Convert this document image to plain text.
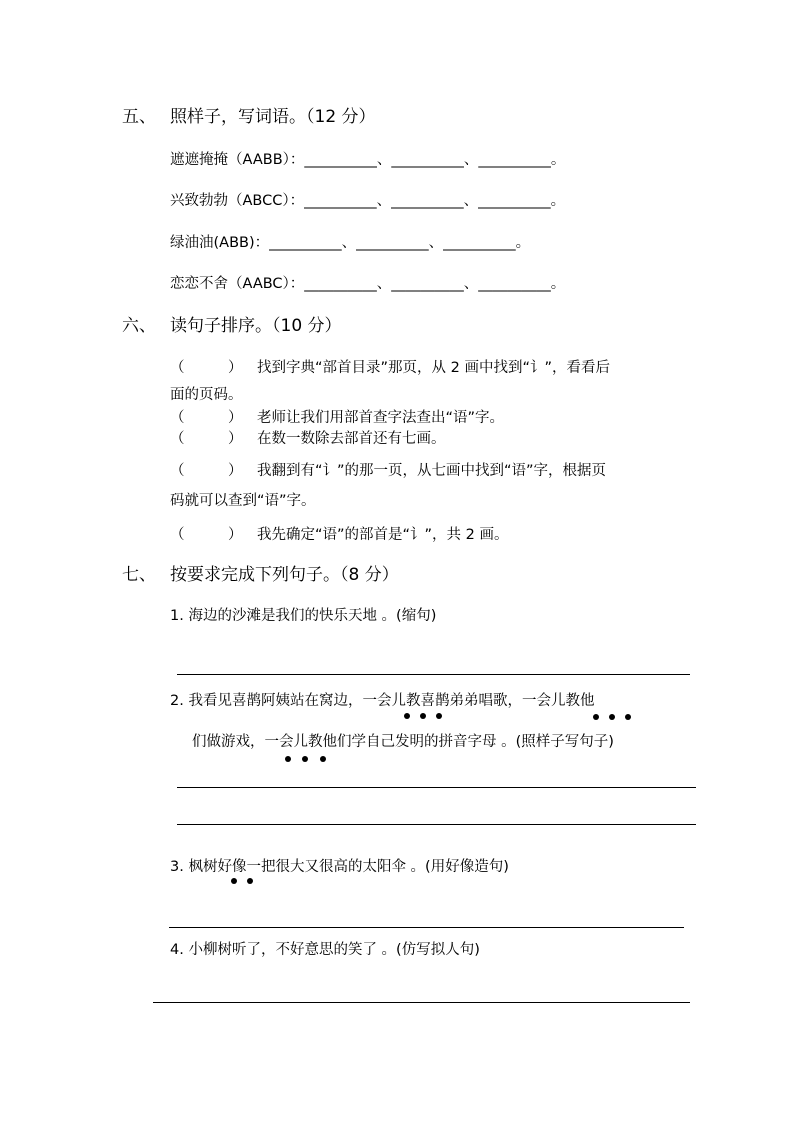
五、 照样子，写词语。（12 分）
遮遮掩掩（AABB）：__________、__________、__________。
兴致勃勃（ABCC）：__________、__________、__________。
绿油油(ABB)：__________、__________、__________。
恋恋不舍（AABC）：__________、__________、__________。
六、 读句子排序。（10 分）
（　　　） 找到字典“部首目录”那页，从 2 画中找到“讠”，看看后
面的页码。
（　　　） 老师让我们用部首查字法查出“语”字。
（　　　） 在数一数除去部首还有七画。
（　　　） 我翻到有“讠”的那一页，从七画中找到“语”字，根据页
码就可以查到“语”字。
（　　　） 我先确定“语”的部首是“讠”，共 2 画。
七、 按要求完成下列句子。（8 分）
1. 海边的沙滩是我们的快乐天地 。(缩句)
2. 我看见喜鹊阿姨站在窝边，一会儿教喜鹊弟弟唱歌，一会儿教他
们做游戏，一会儿教他们学自己发明的拼音字母 。(照样子写句子)
3. 枫树好像一把很大又很高的太阳伞 。(用好像造句)
4. 小柳树听了，不好意思的笑了 。(仿写拟人句)
